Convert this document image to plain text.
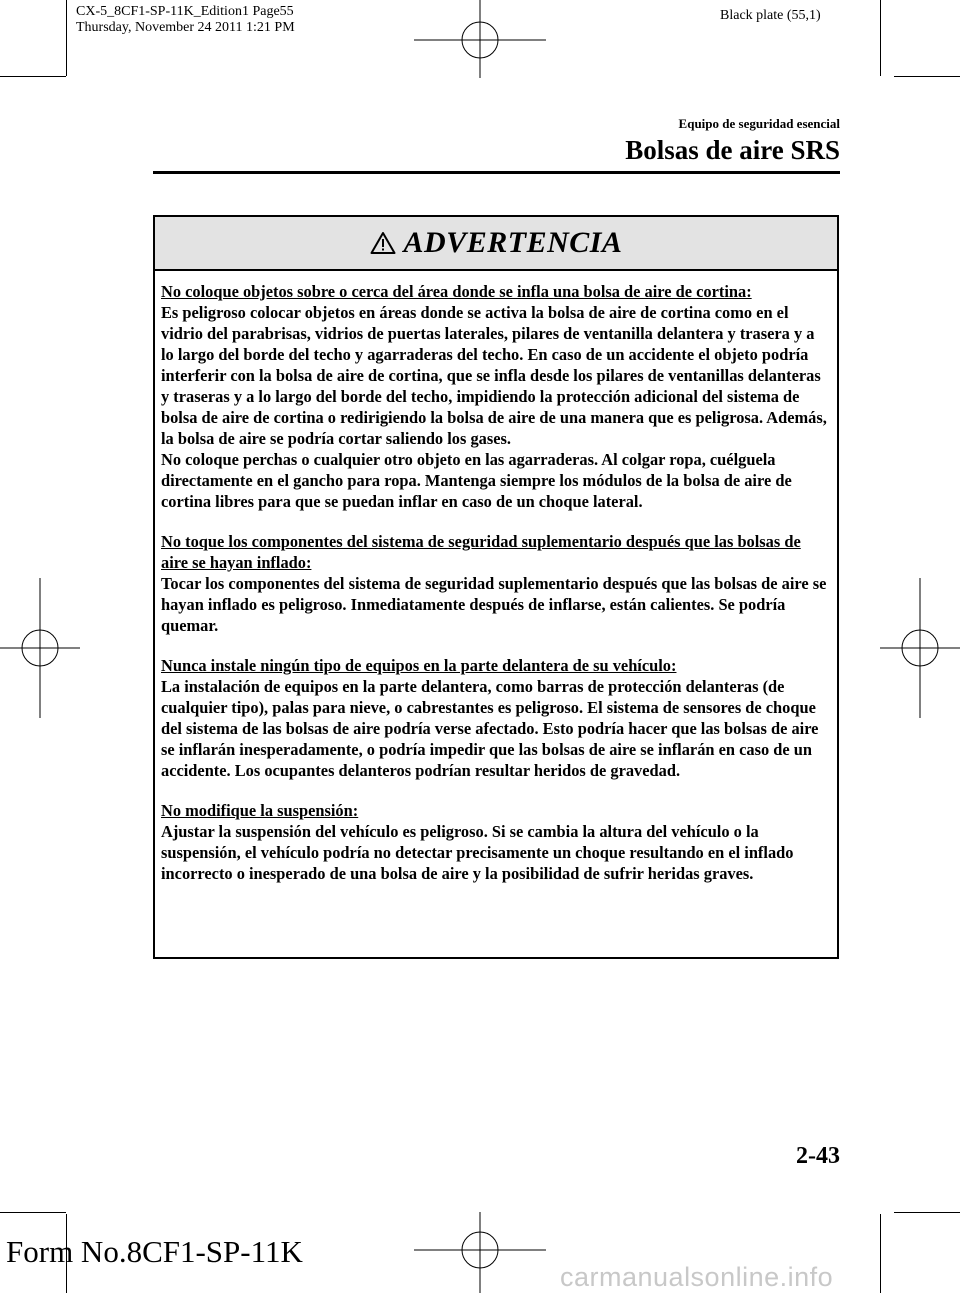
CX-5_8CF1-SP-11K_Edition1 Page55
Thursday, November 24 2011 1:21 PM
Black plate (55,1)
Equipo de seguridad esencial
Bolsas de aire SRS
ADVERTENCIA

No coloque objetos sobre o cerca del área donde se infla una bolsa de aire de cortina:
Es peligroso colocar objetos en áreas donde se activa la bolsa de aire de cortina como en el vidrio del parabrisas, vidrios de puertas laterales, pilares de ventanilla delantera y trasera y a lo largo del borde del techo y agarraderas del techo. En caso de un accidente el objeto podría interferir con la bolsa de aire de cortina, que se infla desde los pilares de ventanillas delanteras y traseras y a lo largo del borde del techo, impidiendo la protección adicional del sistema de bolsa de aire de cortina o redirigiendo la bolsa de aire de una manera que es peligrosa. Además, la bolsa de aire se podría cortar saliendo los gases.
No coloque perchas o cualquier otro objeto en las agarraderas. Al colgar ropa, cuélguela directamente en el gancho para ropa. Mantenga siempre los módulos de la bolsa de aire de cortina libres para que se puedan inflar en caso de un choque lateral.

No toque los componentes del sistema de seguridad suplementario después que las bolsas de aire se hayan inflado:
Tocar los componentes del sistema de seguridad suplementario después que las bolsas de aire se hayan inflado es peligroso. Inmediatamente después de inflarse, están calientes. Se podría quemar.

Nunca instale ningún tipo de equipos en la parte delantera de su vehículo:
La instalación de equipos en la parte delantera, como barras de protección delanteras (de cualquier tipo), palas para nieve, o cabrestantes es peligroso. El sistema de sensores de choque del sistema de las bolsas de aire podría verse afectado. Esto podría hacer que las bolsas de aire se inflarán inesperadamente, o podría impedir que las bolsas de aire se inflarán en caso de un accidente. Los ocupantes delanteros podrían resultar heridos de gravedad.

No modifique la suspensión:
Ajustar la suspensión del vehículo es peligroso. Si se cambia la altura del vehículo o la suspensión, el vehículo podría no detectar precisamente un choque resultando en el inflado incorrecto o inesperado de una bolsa de aire y la posibilidad de sufrir heridas graves.

2-43
Form No.8CF1-SP-11K
carmanualsonline.info
